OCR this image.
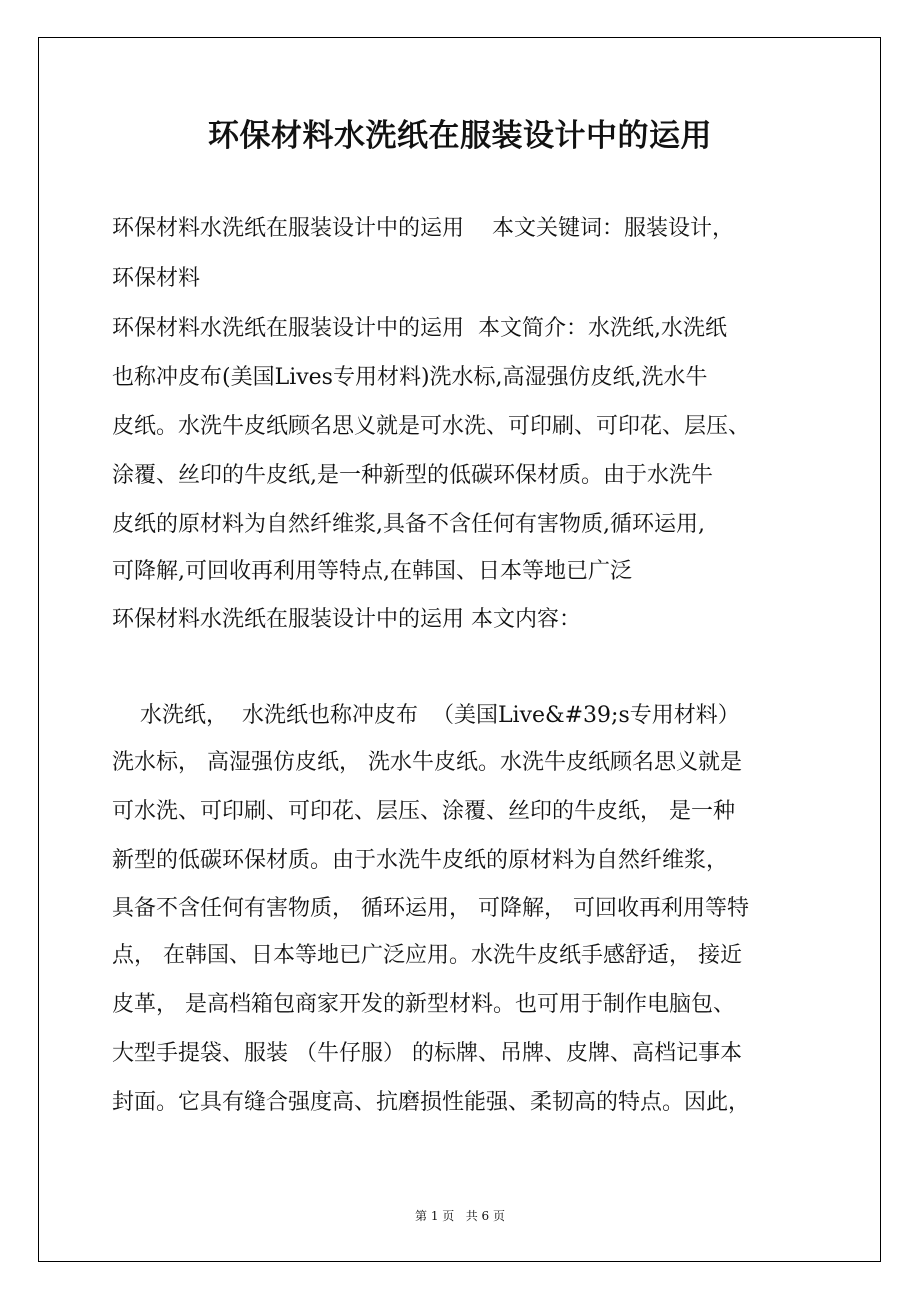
环保材料水洗纸在服装设计中的运用
环保材料水洗纸在服装设计中的运用    本文关键词：服装设计，
环保材料
环保材料水洗纸在服装设计中的运用  本文简介：水洗纸,水洗纸
也称冲皮布(美国Lives专用材料)洗水标,高湿强仿皮纸,洗水牛
皮纸。水洗牛皮纸顾名思义就是可水洗、可印刷、可印花、层压、
涂覆、丝印的牛皮纸,是一种新型的低碳环保材质。由于水洗牛
皮纸的原材料为自然纤维浆,具备不含任何有害物质,循环运用,
可降解,可回收再利用等特点,在韩国、日本等地已广泛
环保材料水洗纸在服装设计中的运用 本文内容：
水洗纸，  水洗纸也称冲皮布  （美国Live&#39;s专用材料）
洗水标， 高湿强仿皮纸， 洗水牛皮纸。水洗牛皮纸顾名思义就是
可水洗、可印刷、可印花、层压、涂覆、丝印的牛皮纸， 是一种
新型的低碳环保材质。由于水洗牛皮纸的原材料为自然纤维浆，
具备不含任何有害物质， 循环运用， 可降解， 可回收再利用等特
点， 在韩国、日本等地已广泛应用。水洗牛皮纸手感舒适， 接近
皮革， 是高档箱包商家开发的新型材料。也可用于制作电脑包、
大型手提袋、服装 （牛仔服） 的标牌、吊牌、皮牌、高档记事本
封面。它具有缝合强度高、抗磨损性能强、柔韧高的特点。因此，
第 1 页   共 6 页
